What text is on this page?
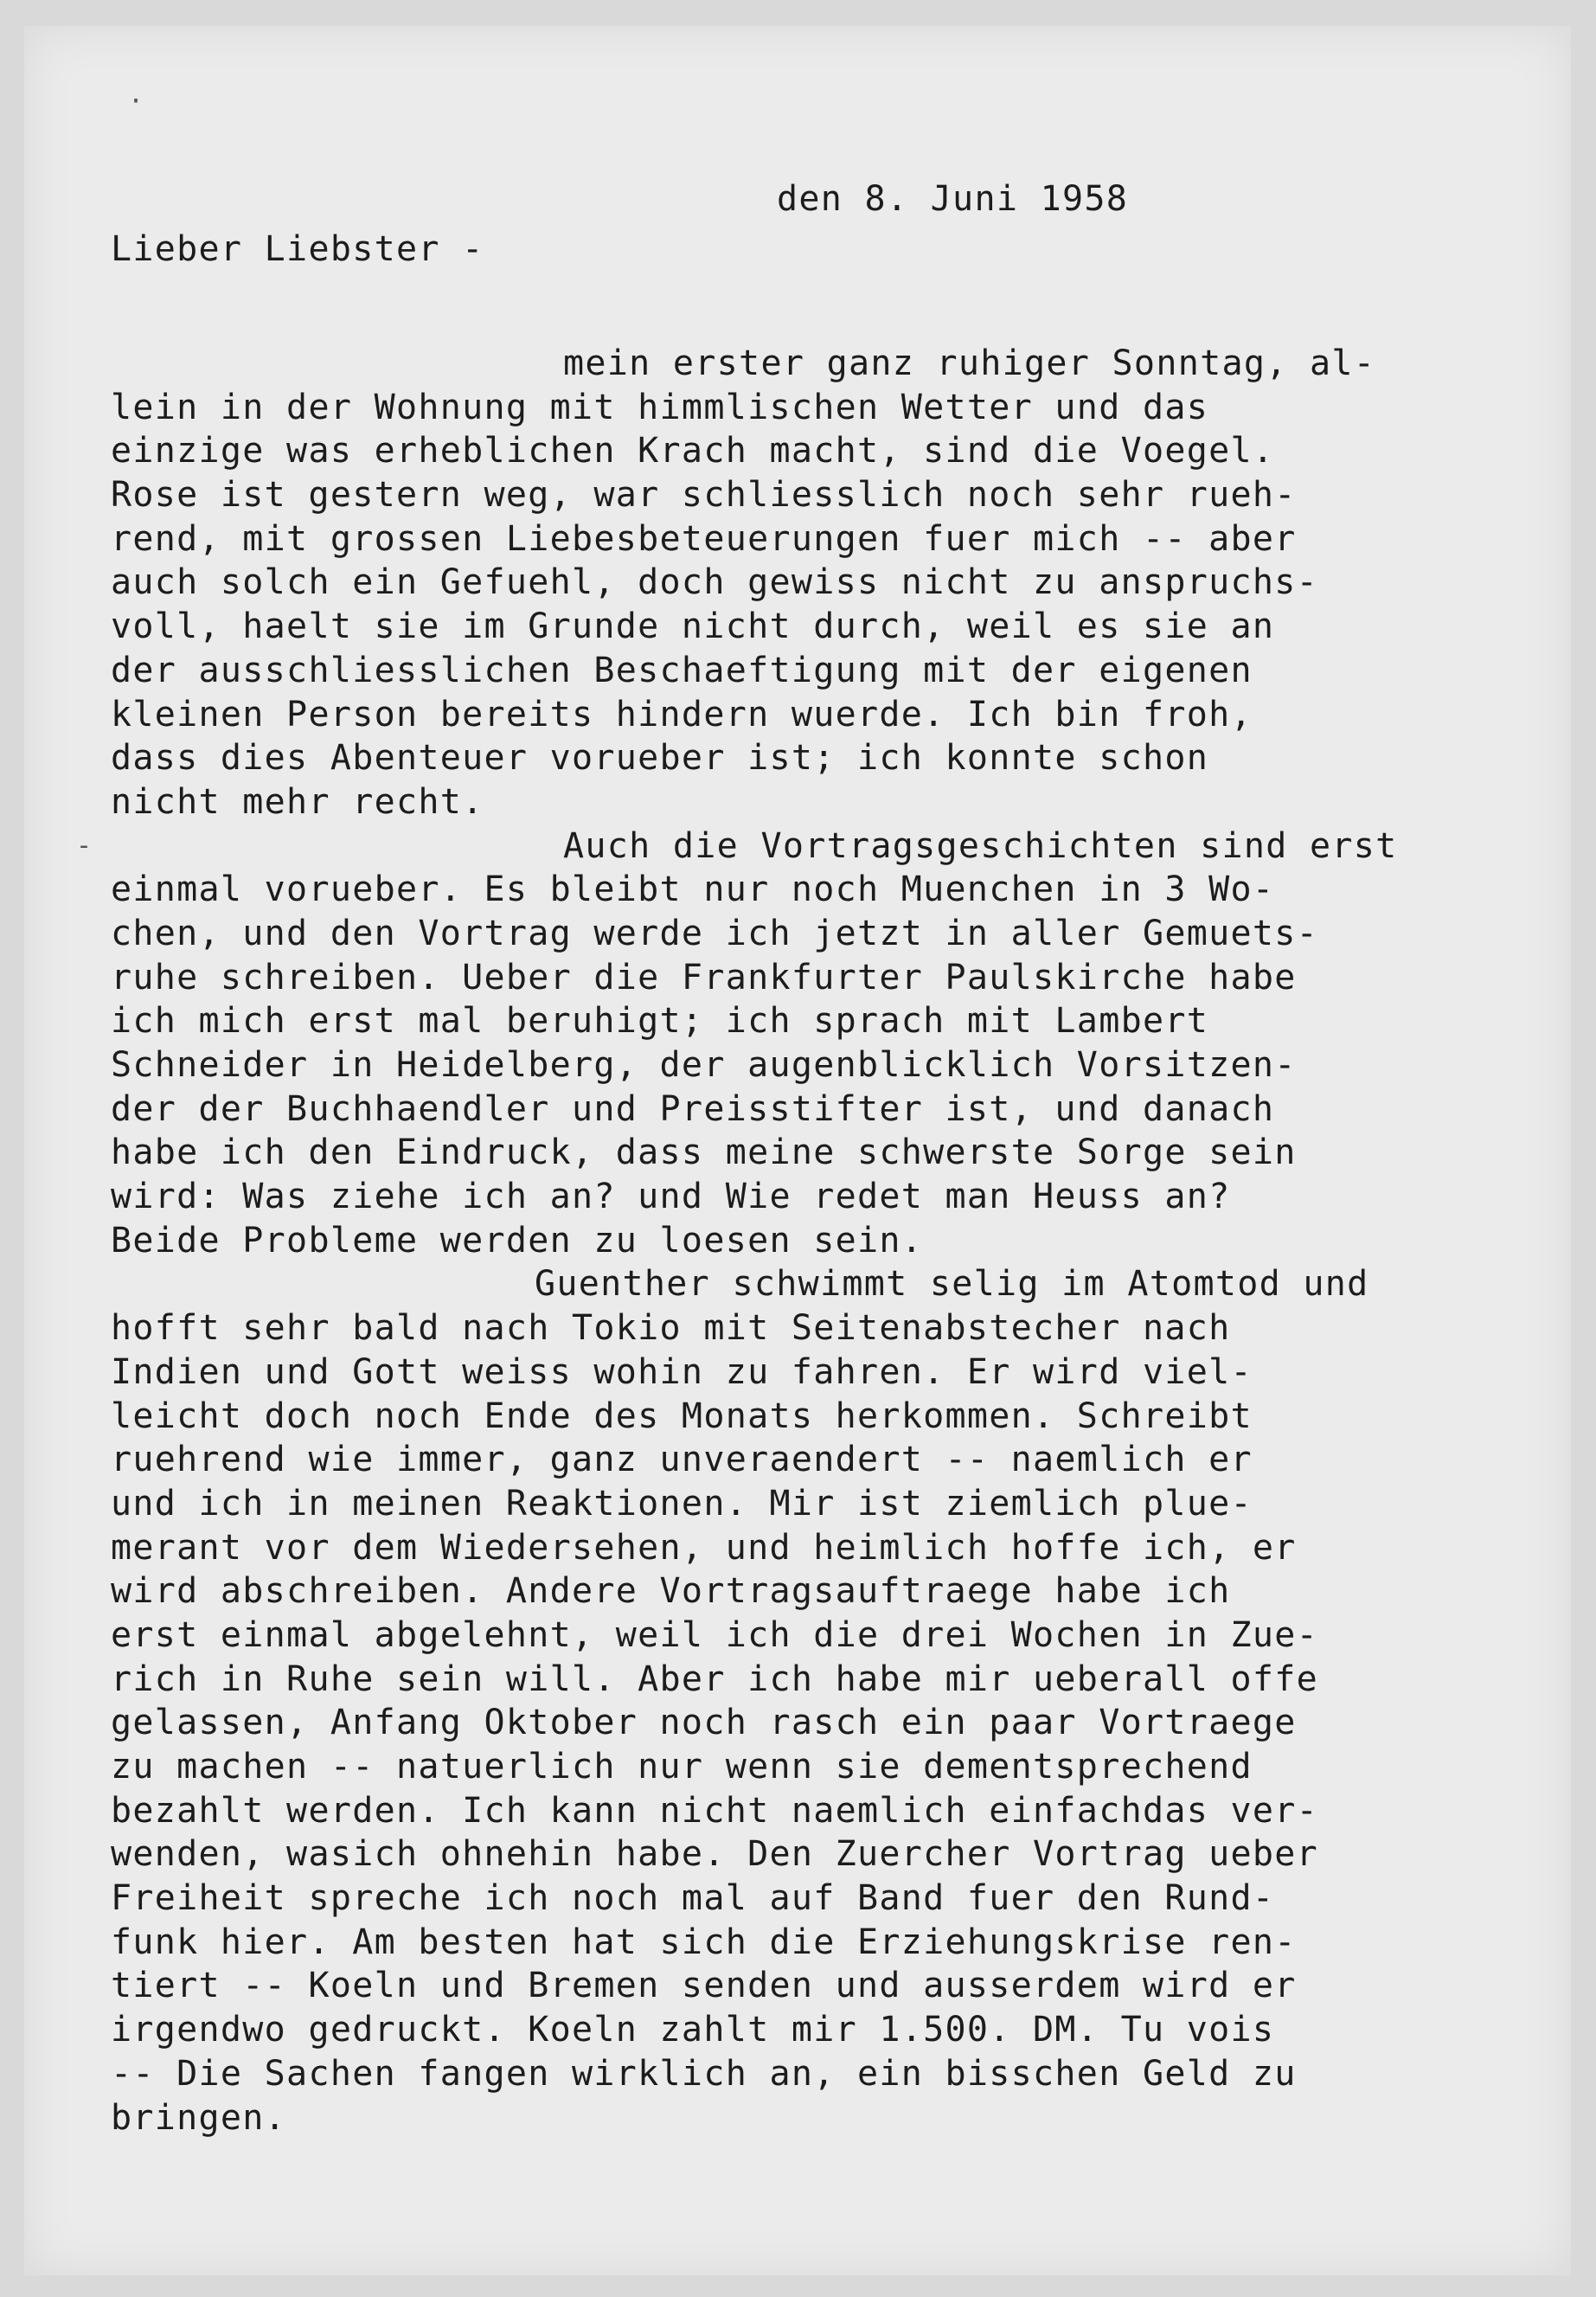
·
-
den 8. Juni 1958
Lieber Liebster -
mein erster ganz ruhiger Sonntag, al-
lein in der Wohnung mit himmlischen Wetter und das
einzige was erheblichen Krach macht, sind die Voegel.
Rose ist gestern weg, war schliesslich noch sehr rueh-
rend, mit grossen Liebesbeteuerungen fuer mich -- aber
auch solch ein Gefuehl, doch gewiss nicht zu anspruchs-
voll, haelt sie im Grunde nicht durch, weil es sie an
der ausschliesslichen Beschaeftigung mit der eigenen
kleinen Person bereits hindern wuerde. Ich bin froh,
dass dies Abenteuer vorueber ist; ich konnte schon
nicht mehr recht.
Auch die Vortragsgeschichten sind erst
einmal vorueber. Es bleibt nur noch Muenchen in 3 Wo-
chen, und den Vortrag werde ich jetzt in aller Gemuets-
ruhe schreiben. Ueber die Frankfurter Paulskirche habe
ich mich erst mal beruhigt; ich sprach mit Lambert
Schneider in Heidelberg, der augenblicklich Vorsitzen-
der der Buchhaendler und Preisstifter ist, und danach
habe ich den Eindruck, dass meine schwerste Sorge sein
wird: Was ziehe ich an? und Wie redet man Heuss an?
Beide Probleme werden zu loesen sein.
Guenther schwimmt selig im Atomtod und
hofft sehr bald nach Tokio mit Seitenabstecher nach
Indien und Gott weiss wohin zu fahren. Er wird viel-
leicht doch noch Ende des Monats herkommen. Schreibt
ruehrend wie immer, ganz unveraendert -- naemlich er
und ich in meinen Reaktionen. Mir ist ziemlich plue-
merant vor dem Wiedersehen, und heimlich hoffe ich, er
wird abschreiben. Andere Vortragsauftraege habe ich
erst einmal abgelehnt, weil ich die drei Wochen in Zue-
rich in Ruhe sein will. Aber ich habe mir ueberall offe
gelassen, Anfang Oktober noch rasch ein paar Vortraege
zu machen -- natuerlich nur wenn sie dementsprechend
bezahlt werden. Ich kann nicht naemlich einfachdas ver-
wenden, wasich ohnehin habe. Den Zuercher Vortrag ueber
Freiheit spreche ich noch mal auf Band fuer den Rund-
funk hier. Am besten hat sich die Erziehungskrise ren-
tiert -- Koeln und Bremen senden und ausserdem wird er
irgendwo gedruckt. Koeln zahlt mir 1.500. DM. Tu vois
-- Die Sachen fangen wirklich an, ein bisschen Geld zu
bringen.
